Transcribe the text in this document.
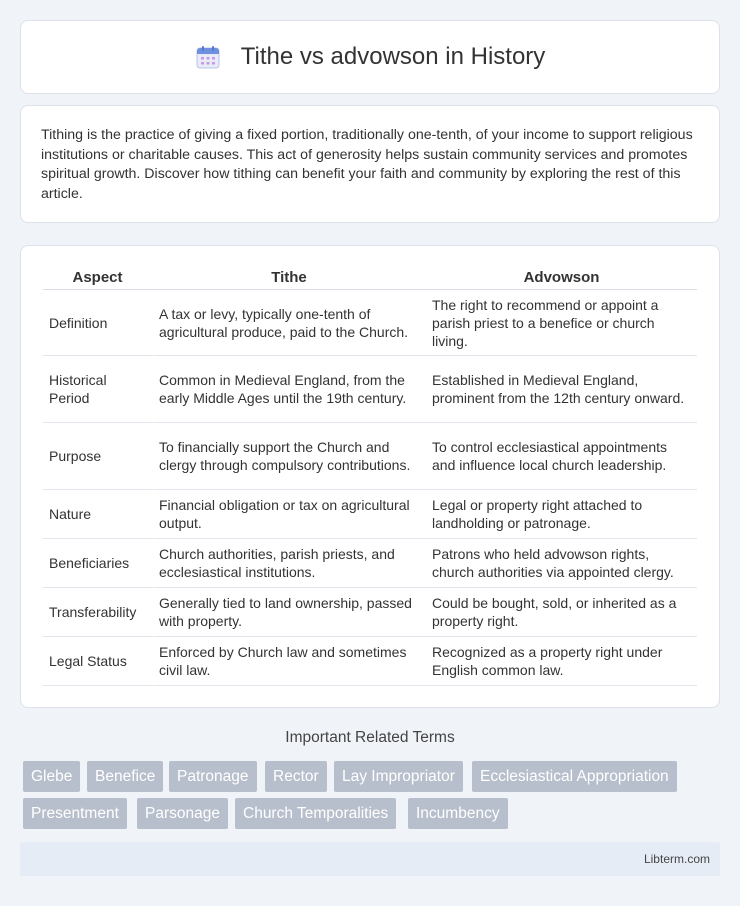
Tithe vs advowson in History

Tithing is the practice of giving a fixed portion, traditionally one-tenth, of your income to support religious institutions or charitable causes. This act of generosity helps sustain community services and promotes spiritual growth. Discover how tithing can benefit your faith and community by exploring the rest of this article.

Aspect	Tithe	Advowson
Definition	A tax or levy, typically one-tenth of agricultural produce, paid to the Church.	The right to recommend or appoint a parish priest to a benefice or church living.
Historical Period	Common in Medieval England, from the early Middle Ages until the 19th century.	Established in Medieval England, prominent from the 12th century onward.
Purpose	To financially support the Church and clergy through compulsory contributions.	To control ecclesiastical appointments and influence local church leadership.
Nature	Financial obligation or tax on agricultural output.	Legal or property right attached to landholding or patronage.
Beneficiaries	Church authorities, parish priests, and ecclesiastical institutions.	Patrons who held advowson rights, church authorities via appointed clergy.
Transferability	Generally tied to land ownership, passed with property.	Could be bought, sold, or inherited as a property right.
Legal Status	Enforced by Church law and sometimes civil law.	Recognized as a property right under English common law.
Important Related Terms
Glebe	Benefice	Patronage	Rector	Lay Impropriator	Ecclesiastical Appropriation
Presentment	Parsonage	Church Temporalities	Incumbency
Libterm.com
